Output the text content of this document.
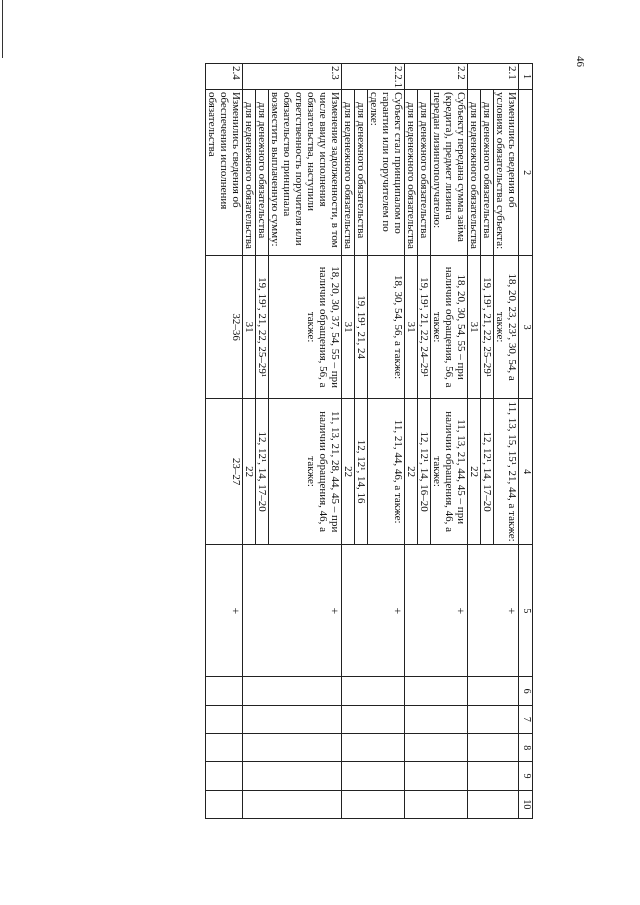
46
1	2	3	4	5	6	7	8	9	10
2.1	Изменились сведения об условиях обязательства субъекта:	18, 20, 23, 23¹, 30, 54, а также:	11, 13, 15, 15¹, 21, 44, а также:	+					
	для денежного обязательства	19, 19¹, 21, 22, 25–29¹	12, 12¹, 14, 17–20						
	для неденежного обязательства	31	22						
2.2	Субъекту передана сумма займа (кредита), предмет лизинга передан лизингополучателю:	18, 20, 30, 54, 55 – при наличии обращения, 56, а также:	11, 13, 21, 44, 45 – при наличии обращения, 46, а также:	+					
	для денежного обязательства	19, 19¹, 21, 22, 24–29¹	12, 12¹, 14, 16–20						
	для неденежного обязательства	31	22						
2.2.1	Субъект стал принципалом по гарантии или поручителем по сделке:	18, 30, 54, 56, а также:	11, 21, 44, 46, а также:	+					
	для денежного обязательства	19, 19¹, 21, 24	12, 12¹, 14, 16						
	для неденежного обязательства	31	22						
2.3	Изменение задолженности, в том числе ввиду исполнения обязательства, наступили ответственность поручителя или обязательство принципала возместить выплаченную сумму:	18, 20, 30, 37, 54, 55 – при наличии обращения, 56, а также:	11, 13, 21, 28, 44, 45 – при наличии обращения, 46, а также:	+					
	для денежного обязательства	19, 19¹, 21, 22, 25–29¹	12, 12¹, 14, 17–20						
	для неденежного обязательства	31	22						
2.4	Изменились сведения об обеспечении исполнения обязательства	32–36	23–27	+					
